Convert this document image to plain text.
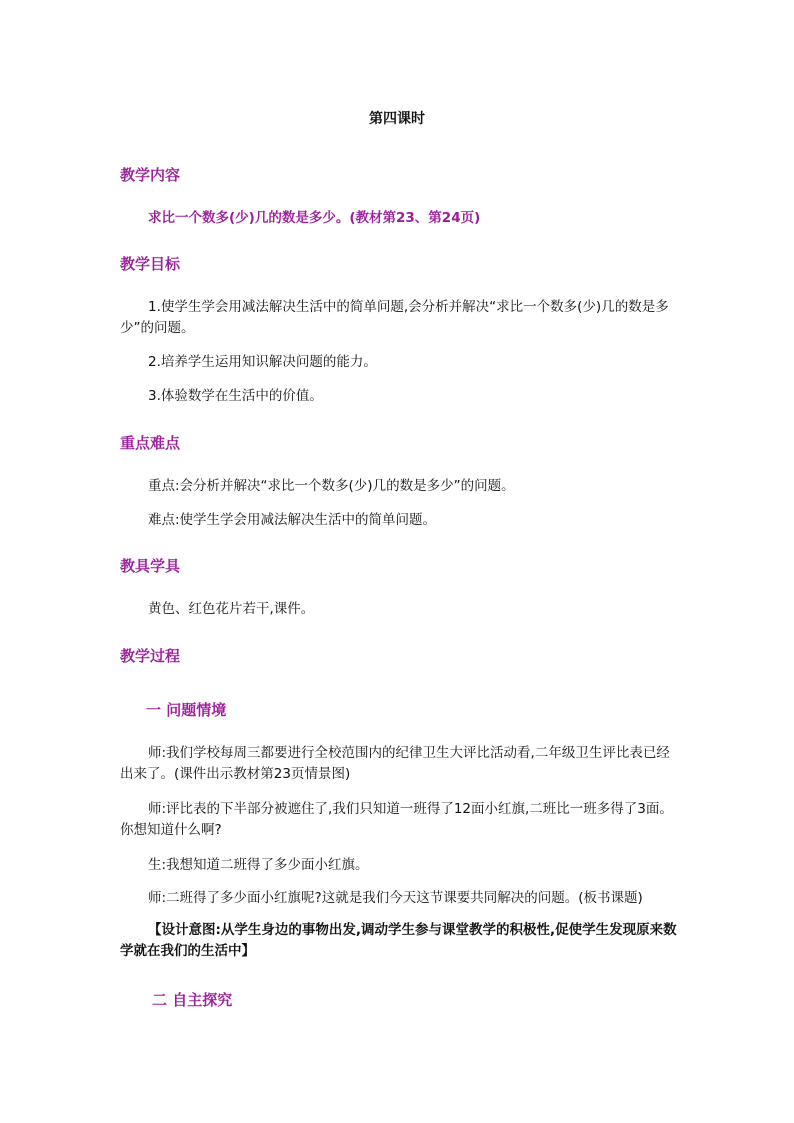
第四课时
教学内容
求比一个数多(少)几的数是多少。(教材第23、第24页)
教学目标
1.使学生学会用减法解决生活中的简单问题,会分析并解决“求比一个数多(少)几的数是多少”的问题。
2.培养学生运用知识解决问题的能力。
3.体验数学在生活中的价值。
重点难点
重点:会分析并解决“求比一个数多(少)几的数是多少”的问题。
难点:使学生学会用减法解决生活中的简单问题。
教具学具
黄色、红色花片若干,课件。
教学过程
一 问题情境
师:我们学校每周三都要进行全校范围内的纪律卫生大评比活动看,二年级卫生评比表已经出来了。(课件出示教材第23页情景图)
师:评比表的下半部分被遮住了,我们只知道一班得了12面小红旗,二班比一班多得了3面。你想知道什么啊?
生:我想知道二班得了多少面小红旗。
师:二班得了多少面小红旗呢?这就是我们今天这节课要共同解决的问题。(板书课题)
【设计意图:从学生身边的事物出发,调动学生参与课堂教学的积极性,促使学生发现原来数学就在我们的生活中】
二 自主探究
